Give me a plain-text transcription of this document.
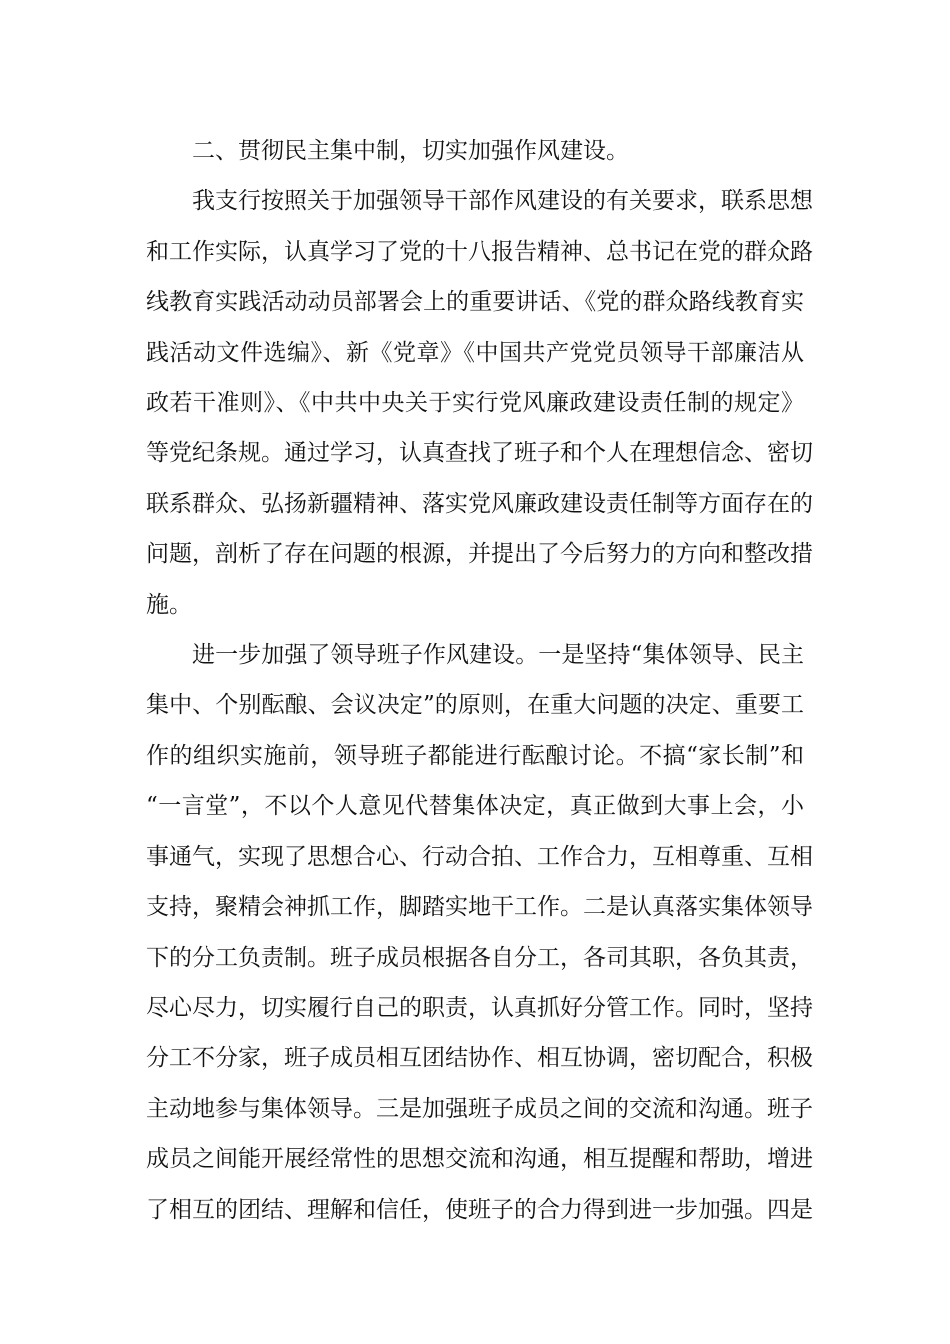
二、贯彻民主集中制，切实加强作风建设。
我支行按照关于加强领导干部作风建设的有关要求，联系思想
和工作实际，认真学习了党的十八报告精神、总书记在党的群众路
线教育实践活动动员部署会上的重要讲话、《党的群众路线教育实
践活动文件选编》、新《党章》《中国共产党党员领导干部廉洁从
政若干准则》、《中共中央关于实行党风廉政建设责任制的规定》
等党纪条规。通过学习，认真查找了班子和个人在理想信念、密切
联系群众、弘扬新疆精神、落实党风廉政建设责任制等方面存在的
问题，剖析了存在问题的根源，并提出了今后努力的方向和整改措
施。
进一步加强了领导班子作风建设。一是坚持“集体领导、民主
集中、个别酝酿、会议决定”的原则，在重大问题的决定、重要工
作的组织实施前，领导班子都能进行酝酿讨论。不搞“家长制”和
“一言堂”，不以个人意见代替集体决定，真正做到大事上会，小
事通气，实现了思想合心、行动合拍、工作合力，互相尊重、互相
支持，聚精会神抓工作，脚踏实地干工作。二是认真落实集体领导
下的分工负责制。班子成员根据各自分工，各司其职，各负其责，
尽心尽力，切实履行自己的职责，认真抓好分管工作。同时，坚持
分工不分家，班子成员相互团结协作、相互协调，密切配合，积极
主动地参与集体领导。三是加强班子成员之间的交流和沟通。班子
成员之间能开展经常性的思想交流和沟通，相互提醒和帮助，增进
了相互的团结、理解和信任，使班子的合力得到进一步加强。四是
